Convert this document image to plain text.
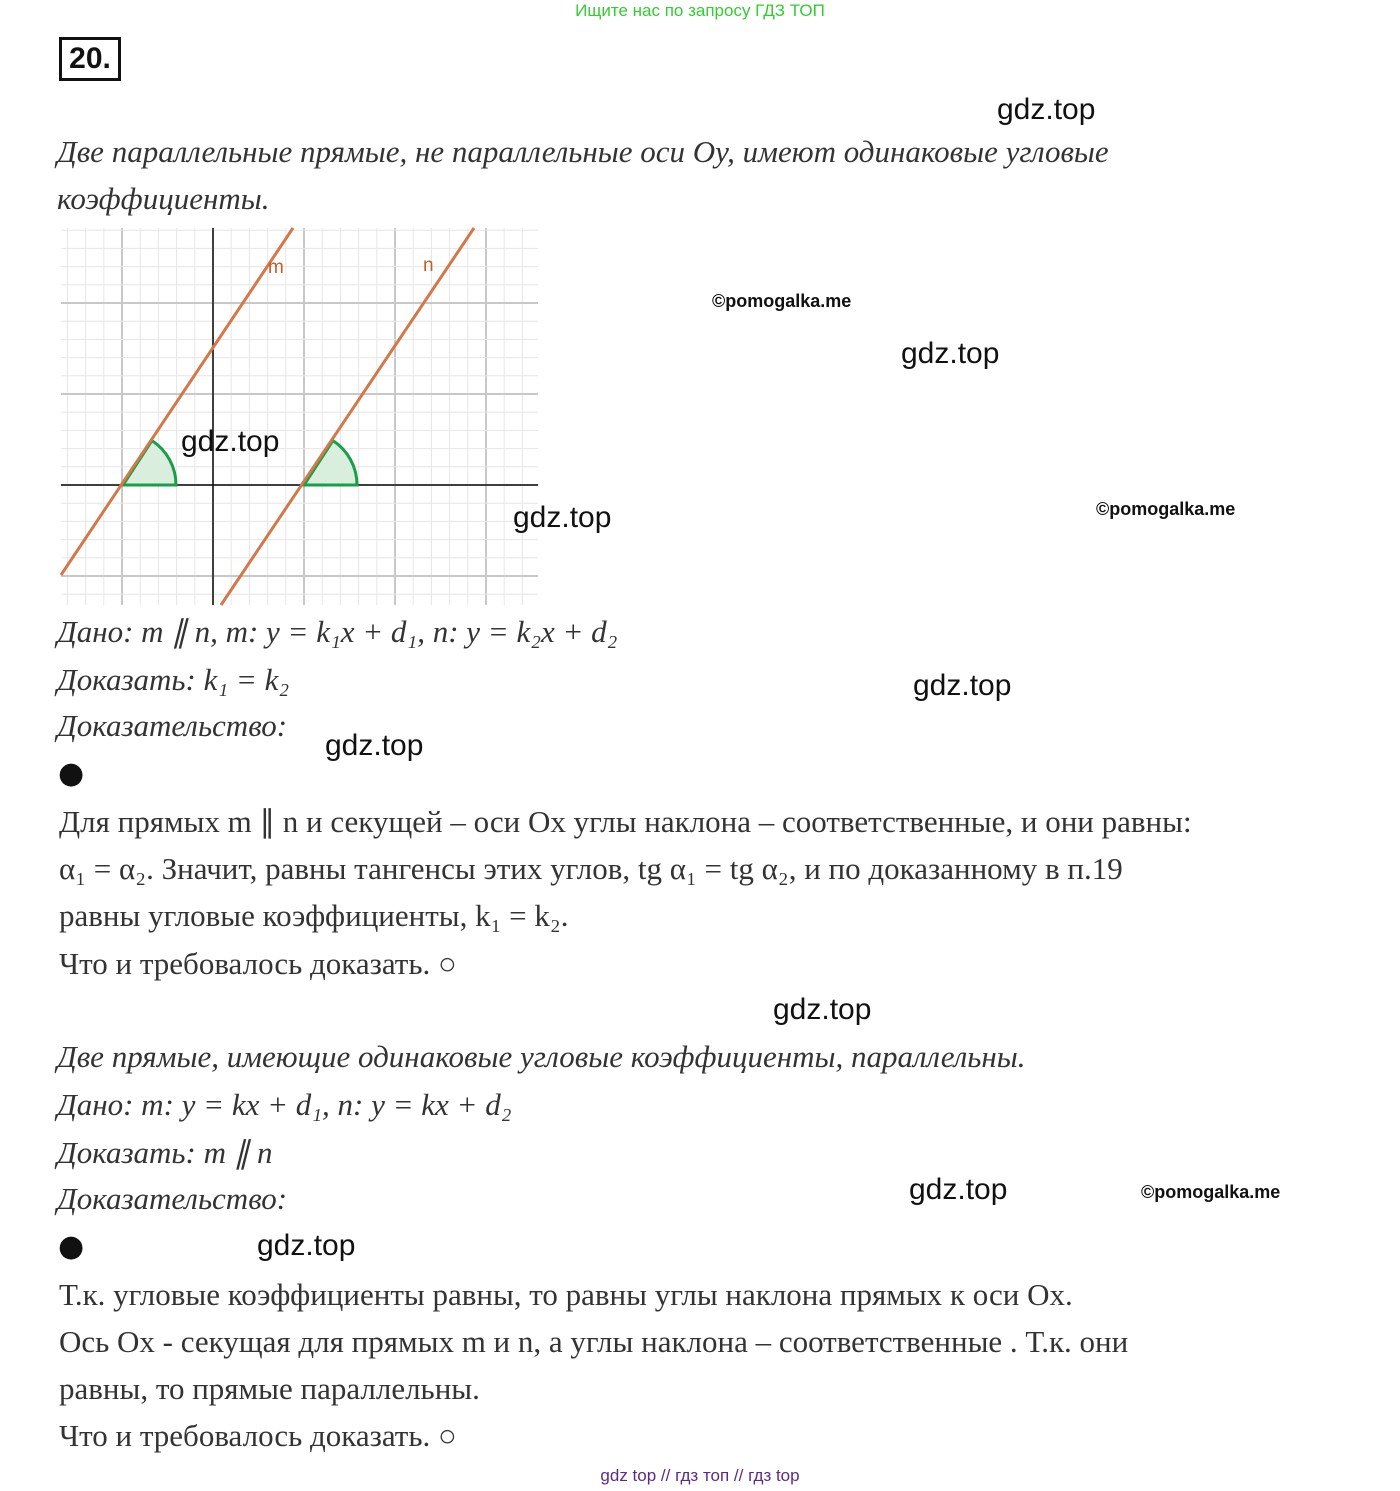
Ищите нас по запросу ГДЗ ТОП
20.
Две параллельные прямые, не параллельные оси Oy, имеют одинаковые угловые
коэффициенты.
m	n
Дано: m ∥ n, m: y = k₁x + d₁, n: y = k₂x + d₂
Доказать: k₁ = k₂
Доказательство:
●
Для прямых m ∥ n и секущей – оси Ox углы наклона – соответственные, и они равны:
α₁ = α₂. Значит, равны тангенсы этих углов, tg α₁ = tg α₂, и по доказанному в п.19
равны угловые коэффициенты, k₁ = k₂.
Что и требовалось доказать. ○
Две прямые, имеющие одинаковые угловые коэффициенты, параллельны.
Дано: m: y = kx + d₁, n: y = kx + d₂
Доказать: m ∥ n
Доказательство:
●
Т.к. угловые коэффициенты равны, то равны углы наклона прямых к оси Ox.
Ось Ox - секущая для прямых m и n, а углы наклона – соответственные . Т.к. они
равны, то прямые параллельны.
Что и требовалось доказать. ○
gdz.top
gdz.top
gdz.top
gdz.top
gdz.top
gdz.top
gdz.top
gdz.top
gdz.top
©pomogalka.me
©pomogalka.me
©pomogalka.me
gdz top // гдз топ // гдз top
